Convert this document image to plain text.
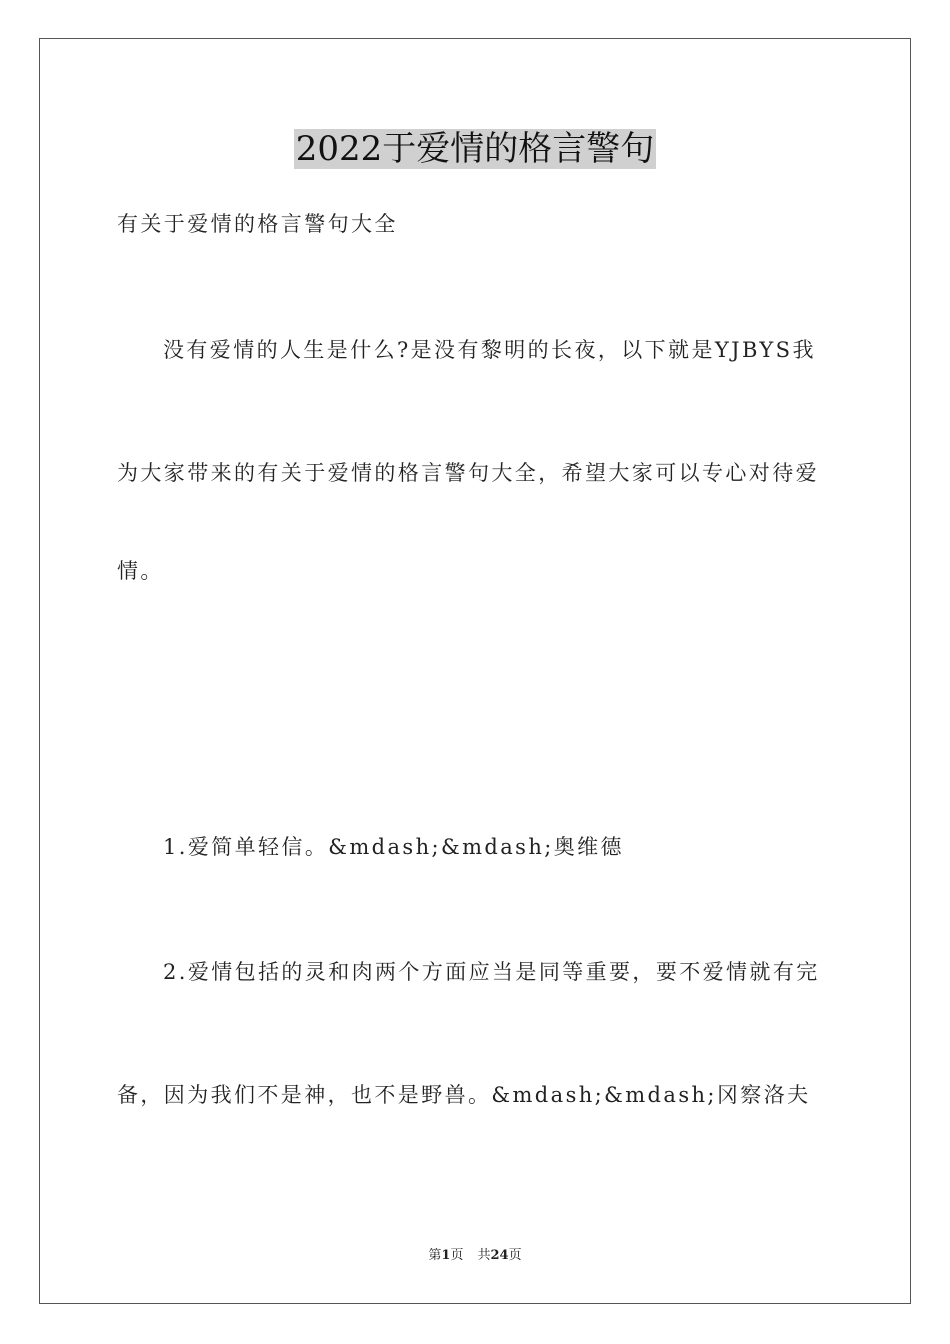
2022于爱情的格言警句
有关于爱情的格言警句大全
没有爱情的人生是什么?是没有黎明的长夜，以下就是YJBYS我
为大家带来的有关于爱情的格言警句大全，希望大家可以专心对待爱
情。
1.爱简单轻信。&mdash;&mdash;奥维德
2.爱情包括的灵和肉两个方面应当是同等重要，要不爱情就有完
备，因为我们不是神，也不是野兽。&mdash;&mdash;冈察洛夫
第1页 共24页
